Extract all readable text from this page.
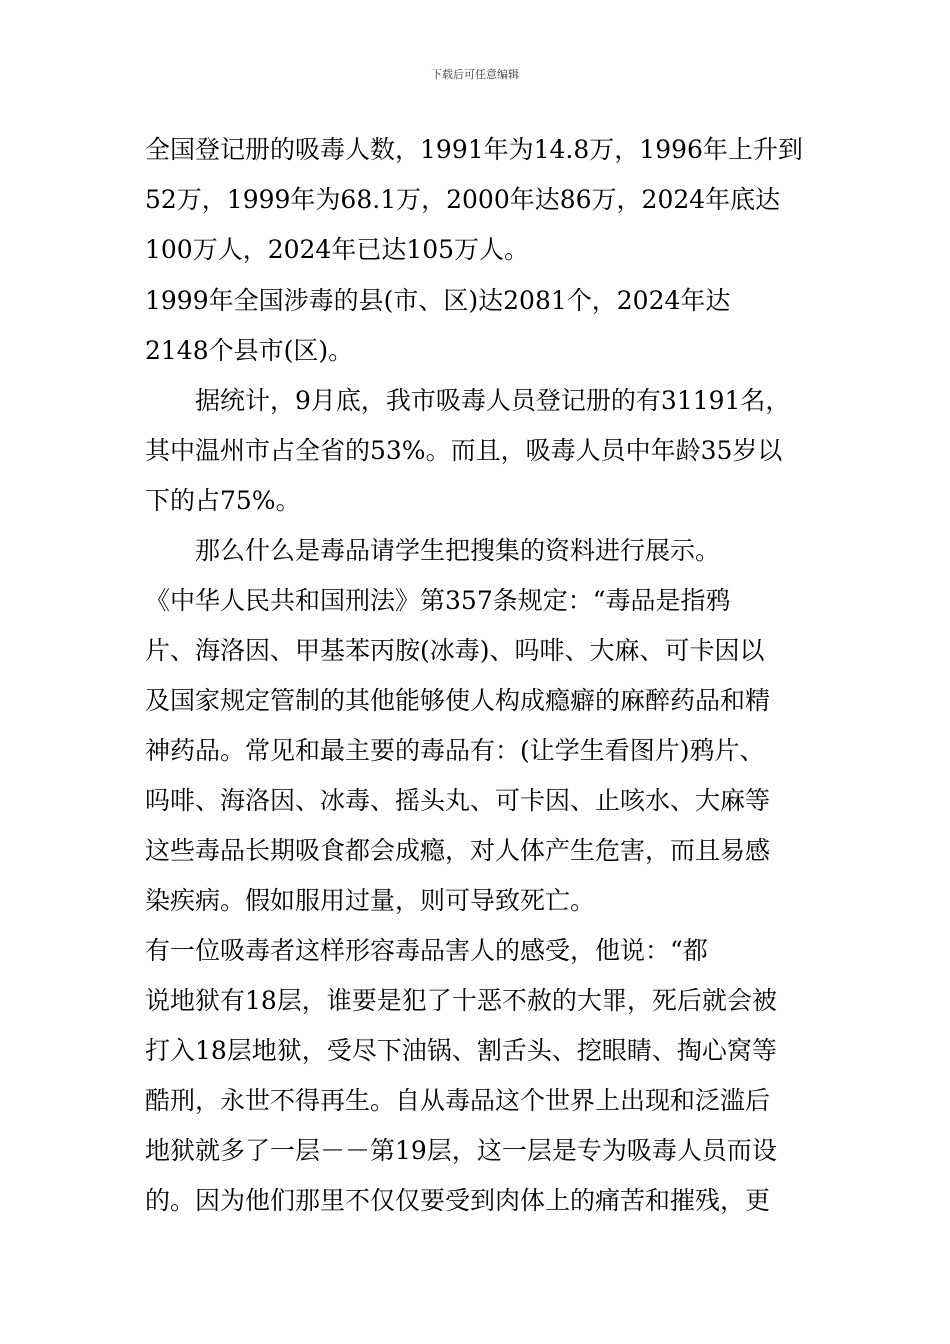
下载后可任意编辑
全国登记册的吸毒人数，1991年为14.8万，1996年上升到
52万，1999年为68.1万，2000年达86万，2024年底达
100万人，2024年已达105万人。
1999年全国涉毒的县(市、区)达2081个，2024年达
2148个县市(区)。
　　据统计，9月底，我市吸毒人员登记册的有31191名，
其中温州市占全省的53%。而且，吸毒人员中年龄35岁以
下的占75%。
　　那么什么是毒品请学生把搜集的资料进行展示。
《中华人民共和国刑法》第357条规定：“毒品是指鸦
片、海洛因、甲基苯丙胺(冰毒)、吗啡、大麻、可卡因以
及国家规定管制的其他能够使人构成瘾癖的麻醉药品和精
神药品。常见和最主要的毒品有：(让学生看图片)鸦片、
吗啡、海洛因、冰毒、摇头丸、可卡因、止咳水、大麻等
这些毒品长期吸食都会成瘾，对人体产生危害，而且易感
染疾病。假如服用过量，则可导致死亡。
有一位吸毒者这样形容毒品害人的感受，他说：“都
说地狱有18层，谁要是犯了十恶不赦的大罪，死后就会被
打入18层地狱，受尽下油锅、割舌头、挖眼睛、掏心窝等
酷刑，永世不得再生。自从毒品这个世界上出现和泛滥后
地狱就多了一层－－第19层，这一层是专为吸毒人员而设
的。因为他们那里不仅仅要受到肉体上的痛苦和摧残，更
